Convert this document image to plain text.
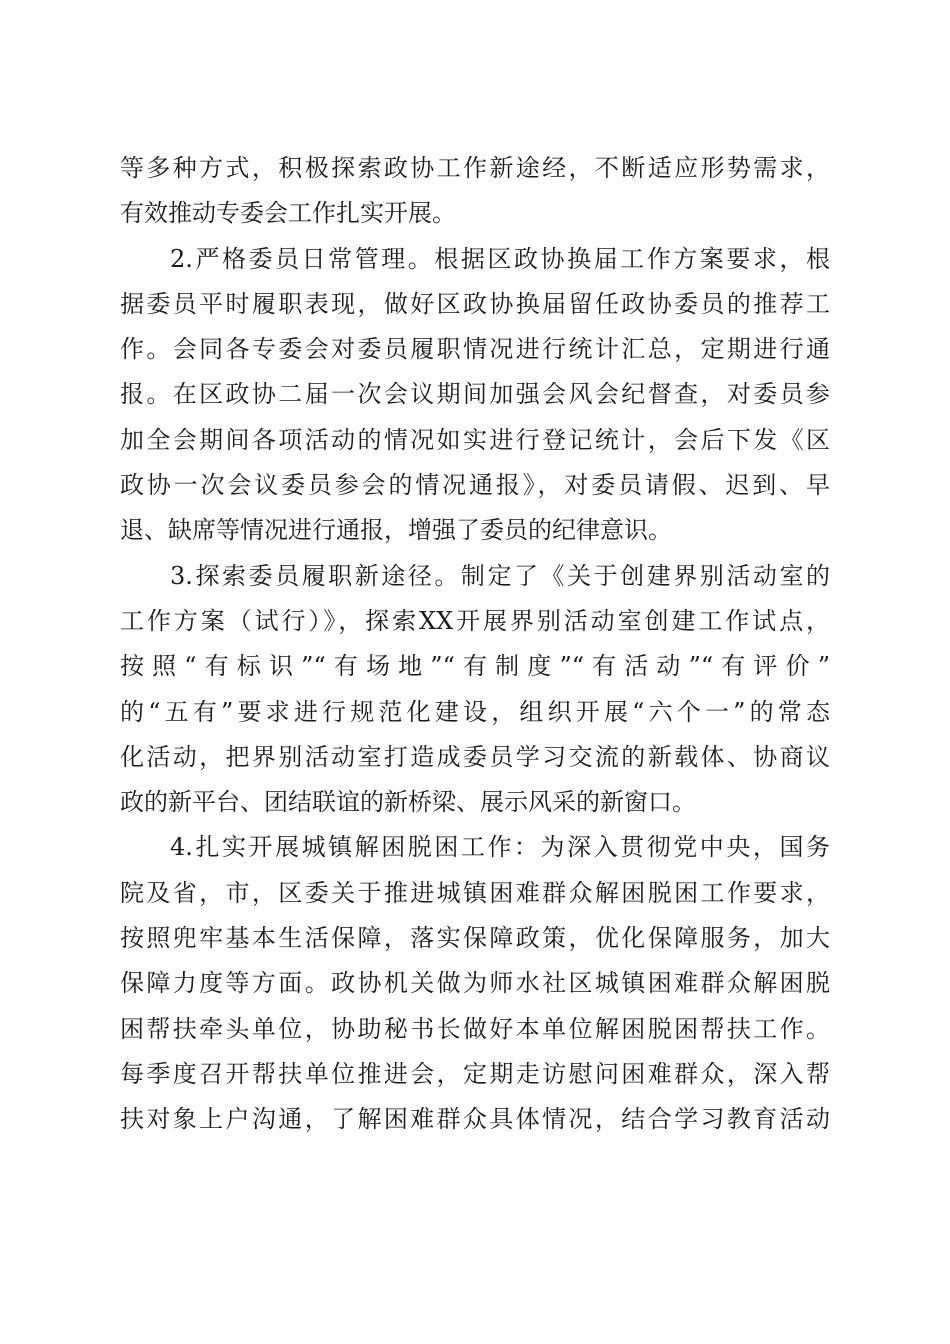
等多种方式，积极探索政协工作新途经，不断适应形势需求，
有效推动专委会工作扎实开展。
2.严格委员日常管理。根据区政协换届工作方案要求，根
据委员平时履职表现，做好区政协换届留任政协委员的推荐工
作。会同各专委会对委员履职情况进行统计汇总，定期进行通
报。在区政协二届一次会议期间加强会风会纪督查，对委员参
加全会期间各项活动的情况如实进行登记统计，会后下发《区
政协一次会议委员参会的情况通报》，对委员请假、迟到、早
退、缺席等情况进行通报，增强了委员的纪律意识。
3.探索委员履职新途径。制定了《关于创建界别活动室的
工作方案（试行）》，探索XX开展界别活动室创建工作试点，
按照“有标识”“有场地”“有制度”“有活动”“有评价”
的“五有”要求进行规范化建设，组织开展“六个一”的常态
化活动，把界别活动室打造成委员学习交流的新载体、协商议
政的新平台、团结联谊的新桥梁、展示风采的新窗口。
4.扎实开展城镇解困脱困工作：为深入贯彻党中央，国务
院及省，市，区委关于推进城镇困难群众解困脱困工作要求，
按照兜牢基本生活保障，落实保障政策，优化保障服务，加大
保障力度等方面。政协机关做为师水社区城镇困难群众解困脱
困帮扶牵头单位，协助秘书长做好本单位解困脱困帮扶工作。
每季度召开帮扶单位推进会，定期走访慰问困难群众，深入帮
扶对象上户沟通，了解困难群众具体情况，结合学习教育活动
